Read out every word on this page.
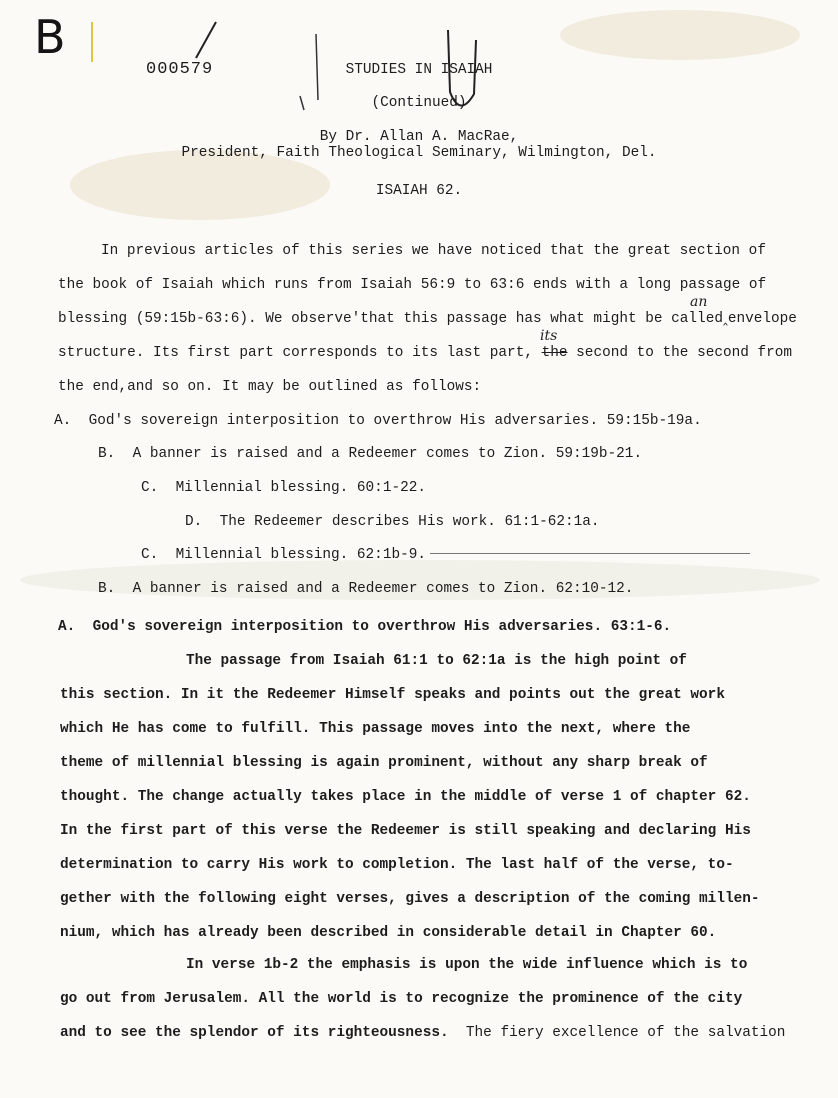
B
000579	STUDIES IN ISAIAH
(Continued)
By Dr. Allan A. MacRae,
President, Faith Theological Seminary, Wilmington, Del.
ISAIAH 62.
In previous articles of this series we have noticed that the great section of
the book of Isaiah which runs from Isaiah 56:9 to 63:6 ends with a long passage of
blessing (59:15b-63:6). We observe′that this passage has what might be called‸envelope
an
structure. Its first part corresponds to its last part, the second to the second from
its
the end,and so on. It may be outlined as follows:
A. God's sovereign interposition to overthrow His adversaries. 59:15b-19a.
B. A banner is raised and a Redeemer comes to Zion. 59:19b-21.
C. Millennial blessing. 60:1-22.
D. The Redeemer describes His work. 61:1-62:1a.
C. Millennial blessing. 62:1b-9.
B. A banner is raised and a Redeemer comes to Zion. 62:10-12.
A. God's sovereign interposition to overthrow His adversaries. 63:1-6.
The passage from Isaiah 61:1 to 62:1a is the high point of
this section. In it the Redeemer Himself speaks and points out the great work
which He has come to fulfill. This passage moves into the next, where the
theme of millennial blessing is again prominent, without any sharp break of
thought. The change actually takes place in the middle of verse 1 of chapter 62.
In the first part of this verse the Redeemer is still speaking and declaring His
determination to carry His work to completion. The last half of the verse, to-
gether with the following eight verses, gives a description of the coming millen-
nium, which has already been described in considerable detail in Chapter 60.
In verse 1b-2 the emphasis is upon the wide influence which is to
go out from Jerusalem. All the world is to recognize the prominence of the city
and to see the splendor of its righteousness. The fiery excellence of the salvation
